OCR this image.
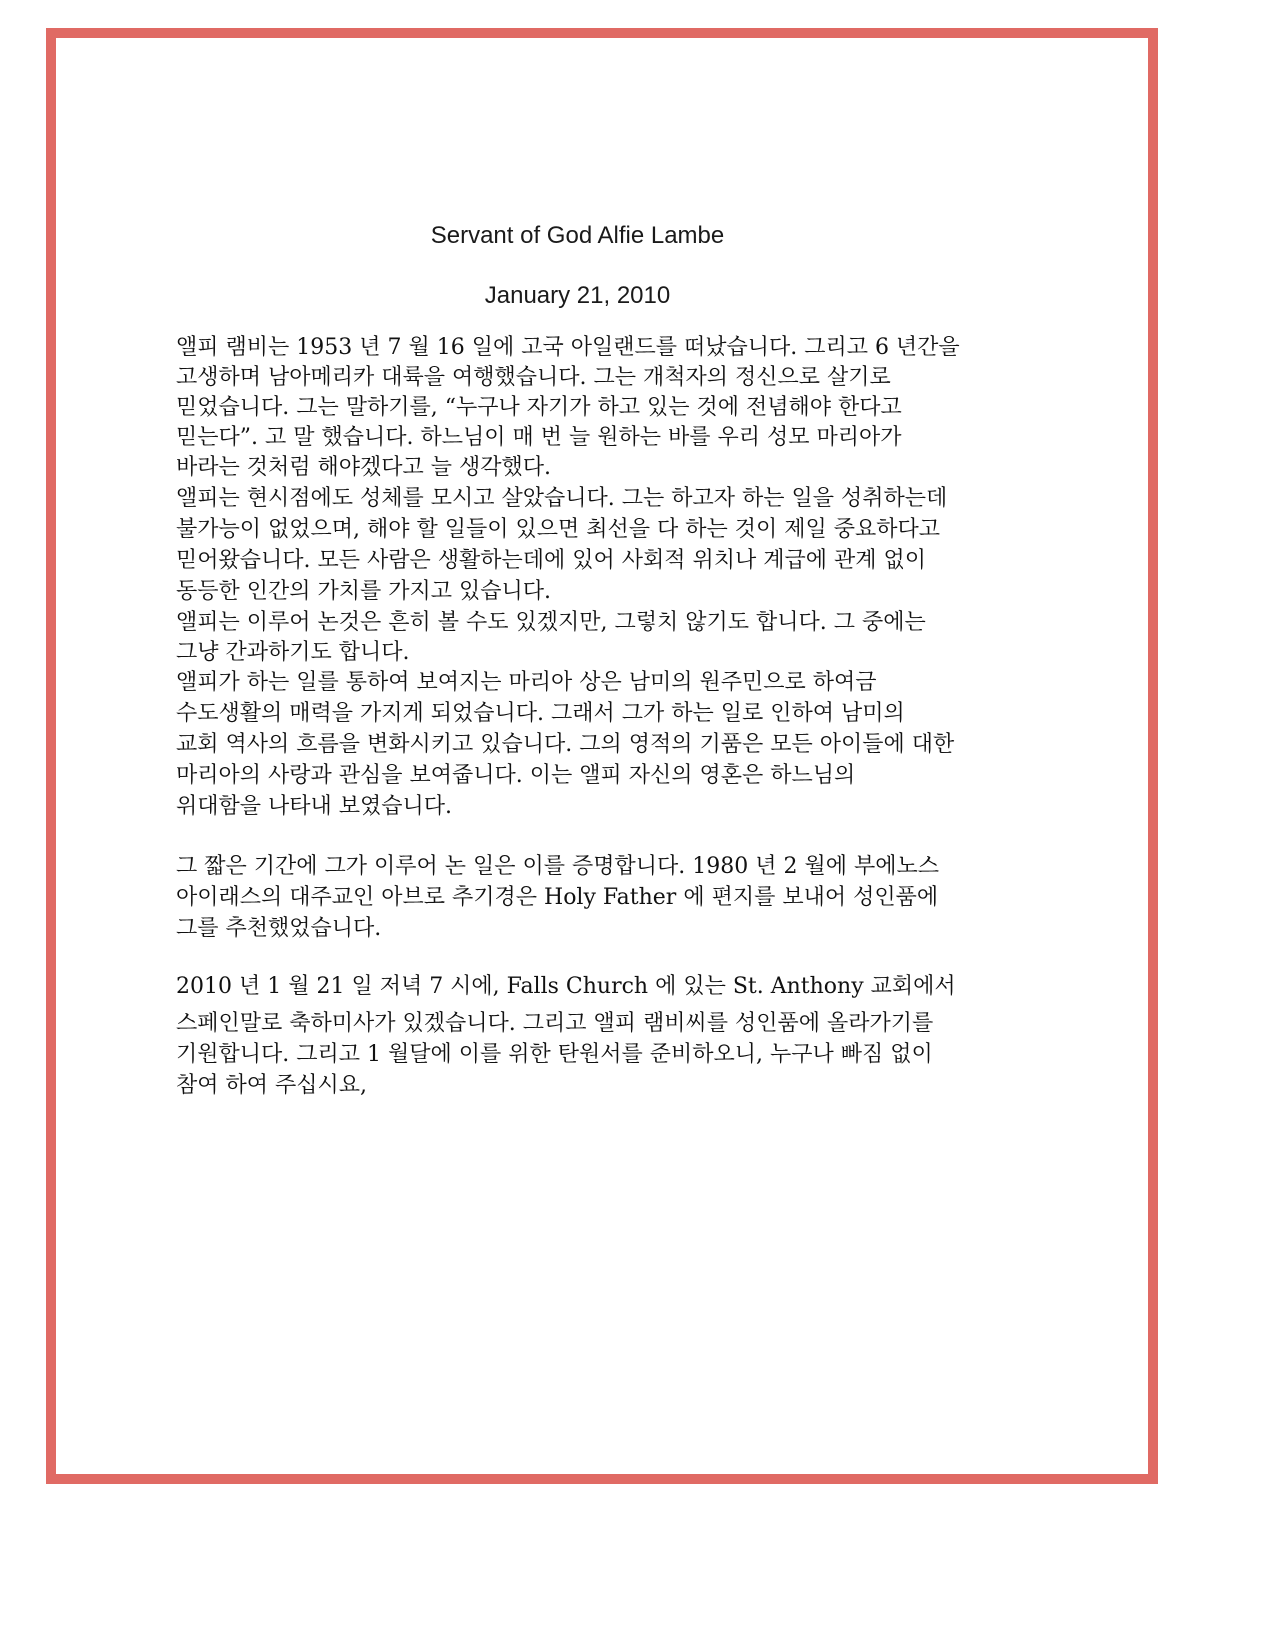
Servant of God Alfie Lambe
January 21, 2010

앨피 램비는 1953 년 7 월 16 일에 고국 아일랜드를 떠났습니다. 그리고 6 년간을

고생하며 남아메리카 대륙을 여행했습니다. 그는 개척자의 정신으로 살기로

믿었습니다. 그는 말하기를, “누구나 자기가 하고 있는 것에 전념해야 한다고

믿는다”. 고 말 했습니다. 하느님이 매 번 늘 원하는 바를 우리 성모 마리아가

바라는 것처럼 해야겠다고 늘 생각했다.

앨피는 현시점에도 성체를 모시고 살았습니다. 그는 하고자 하는 일을 성취하는데

불가능이 없었으며, 해야 할 일들이 있으면 최선을 다 하는 것이 제일 중요하다고

믿어왔습니다. 모든 사람은 생활하는데에 있어 사회적 위치나 계급에 관계 없이

동등한 인간의 가치를 가지고 있습니다.

앨피는 이루어 논것은 흔히 볼 수도 있겠지만, 그렇치 않기도 합니다. 그 중에는

그냥 간과하기도 합니다.

앨피가 하는 일를 통하여 보여지는 마리아 상은 남미의 원주민으로 하여금

수도생활의 매력을 가지게 되었습니다. 그래서 그가 하는 일로 인하여 남미의

교회 역사의 흐름을 변화시키고 있습니다. 그의 영적의 기품은 모든 아이들에 대한

마리아의 사랑과 관심을 보여줍니다. 이는 앨피 자신의 영혼은 하느님의

위대함을 나타내 보였습니다.

그 짧은 기간에 그가 이루어 논 일은 이를 증명합니다. 1980 년 2 월에 부에노스

아이래스의 대주교인 아브로 추기경은 Holy Father 에 편지를 보내어 성인품에

그를 추천했었습니다.

2010 년 1 월 21 일 저녁 7 시에, Falls Church 에 있는 St. Anthony 교회에서

스페인말로 축하미사가 있겠습니다. 그리고 앨피 램비씨를 성인품에 올라가기를

기원합니다. 그리고 1 월달에 이를 위한 탄원서를 준비하오니, 누구나 빠짐 없이

참여 하여 주십시요,
